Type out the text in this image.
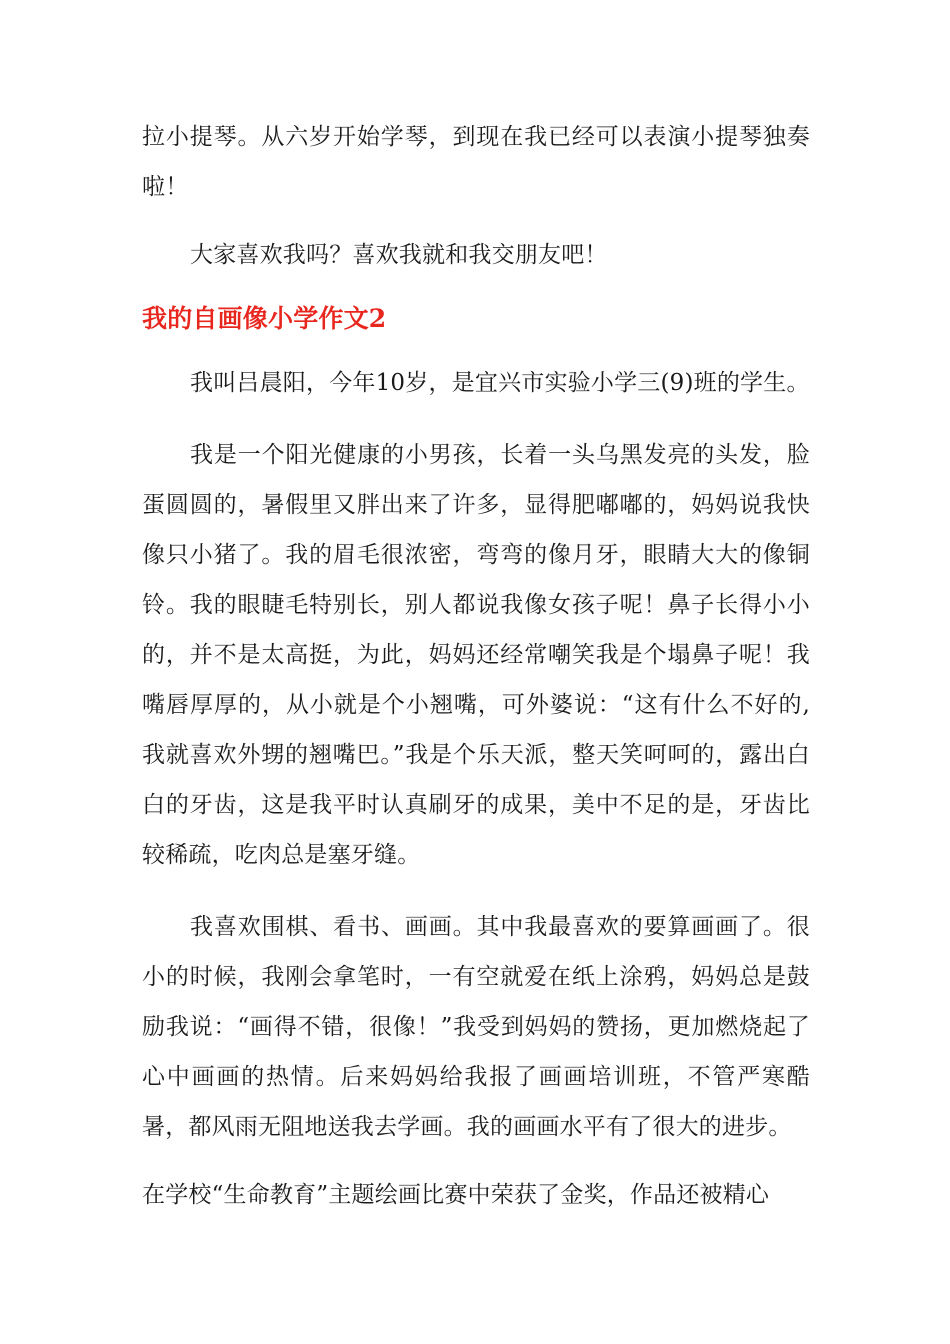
拉小提琴。从六岁开始学琴，到现在我已经可以表演小提琴独奏啦！

大家喜欢我吗？喜欢我就和我交朋友吧！

我的自画像小学作文2

我叫吕晨阳，今年10岁，是宜兴市实验小学三(9)班的学生。

我是一个阳光健康的小男孩，长着一头乌黑发亮的头发，脸蛋圆圆的，暑假里又胖出来了许多，显得肥嘟嘟的，妈妈说我快像只小猪了。我的眉毛很浓密，弯弯的像月牙，眼睛大大的像铜铃。我的眼睫毛特别长，别人都说我像女孩子呢！鼻子长得小小的，并不是太高挺，为此，妈妈还经常嘲笑我是个塌鼻子呢！我嘴唇厚厚的，从小就是个小翘嘴，可外婆说：“这有什么不好的,我就喜欢外甥的翘嘴巴。”我是个乐天派，整天笑呵呵的，露出白白的牙齿，这是我平时认真刷牙的成果，美中不足的是，牙齿比较稀疏，吃肉总是塞牙缝。

我喜欢围棋、看书、画画。其中我最喜欢的要算画画了。很小的时候，我刚会拿笔时，一有空就爱在纸上涂鸦，妈妈总是鼓励我说：“画得不错，很像！”我受到妈妈的赞扬，更加燃烧起了心中画画的热情。后来妈妈给我报了画画培训班，不管严寒酷暑，都风雨无阻地送我去学画。我的画画水平有了很大的进步。

在学校“生命教育”主题绘画比赛中荣获了金奖，作品还被精心
